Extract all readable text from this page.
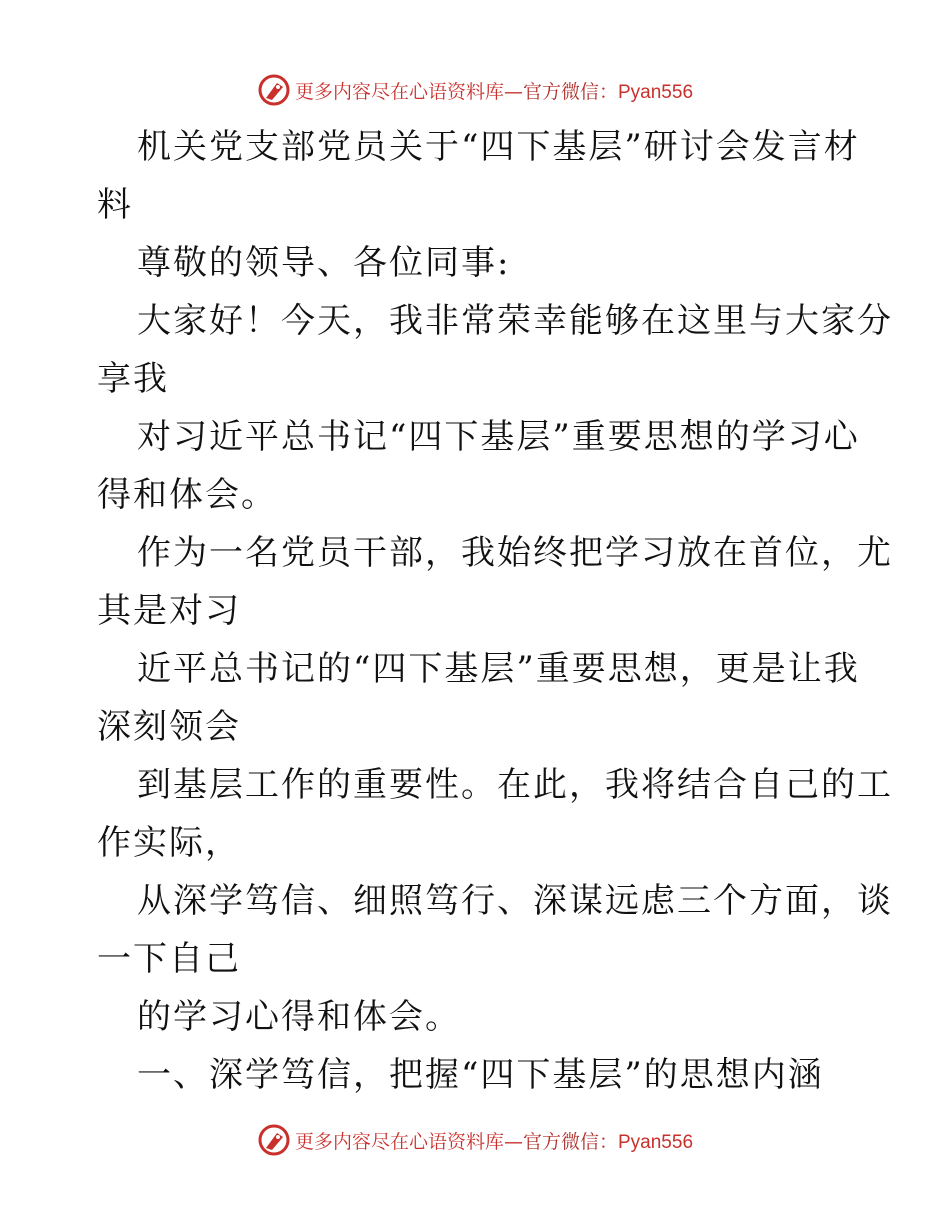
更多内容尽在心语资料库—官方微信：Pyan556
机关党支部党员关于“四下基层”研讨会发言材
料
尊敬的领导、各位同事:
大家好！今天，我非常荣幸能够在这里与大家分
享我
对习近平总书记“四下基层”重要思想的学习心
得和体会。
作为一名党员干部，我始终把学习放在首位，尤
其是对习
近平总书记的“四下基层”重要思想，更是让我
深刻领会
到基层工作的重要性。在此，我将结合自己的工
作实际，
从深学笃信、细照笃行、深谋远虑三个方面，谈
一下自己
的学习心得和体会。
一、深学笃信，把握“四下基层”的思想内涵
更多内容尽在心语资料库—官方微信：Pyan556
